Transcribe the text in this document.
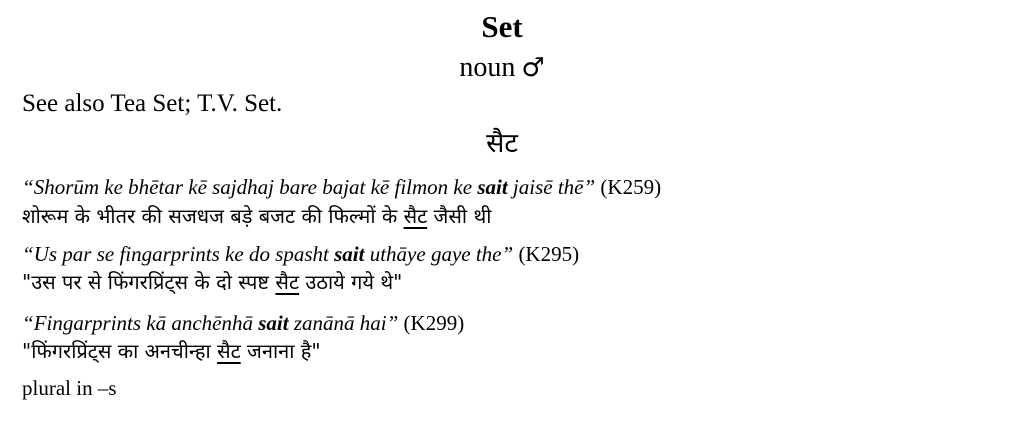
Set
noun ♂
See also Tea Set; T.V. Set.
सैट
“Shorūm ke bhētar kē sajdhaj bare bajat kē filmon ke sait jaisē thē” (K259)
शोरूम के भीतर की सजधज बड़े बजट की फिल्मों के सैट जैसी थी
“Us par se fingarprints ke do spasht sait uthāye gaye the” (K295)
"उस पर से फिंगरप्रिंट्स के दो स्पष्ट सैट उठाये गये थे"
“Fingarprints kā anchēnhā sait zanānā hai” (K299)
"फिंगरप्रिंट्स का अनचीन्हा सैट जनाना है"
plural in –s
